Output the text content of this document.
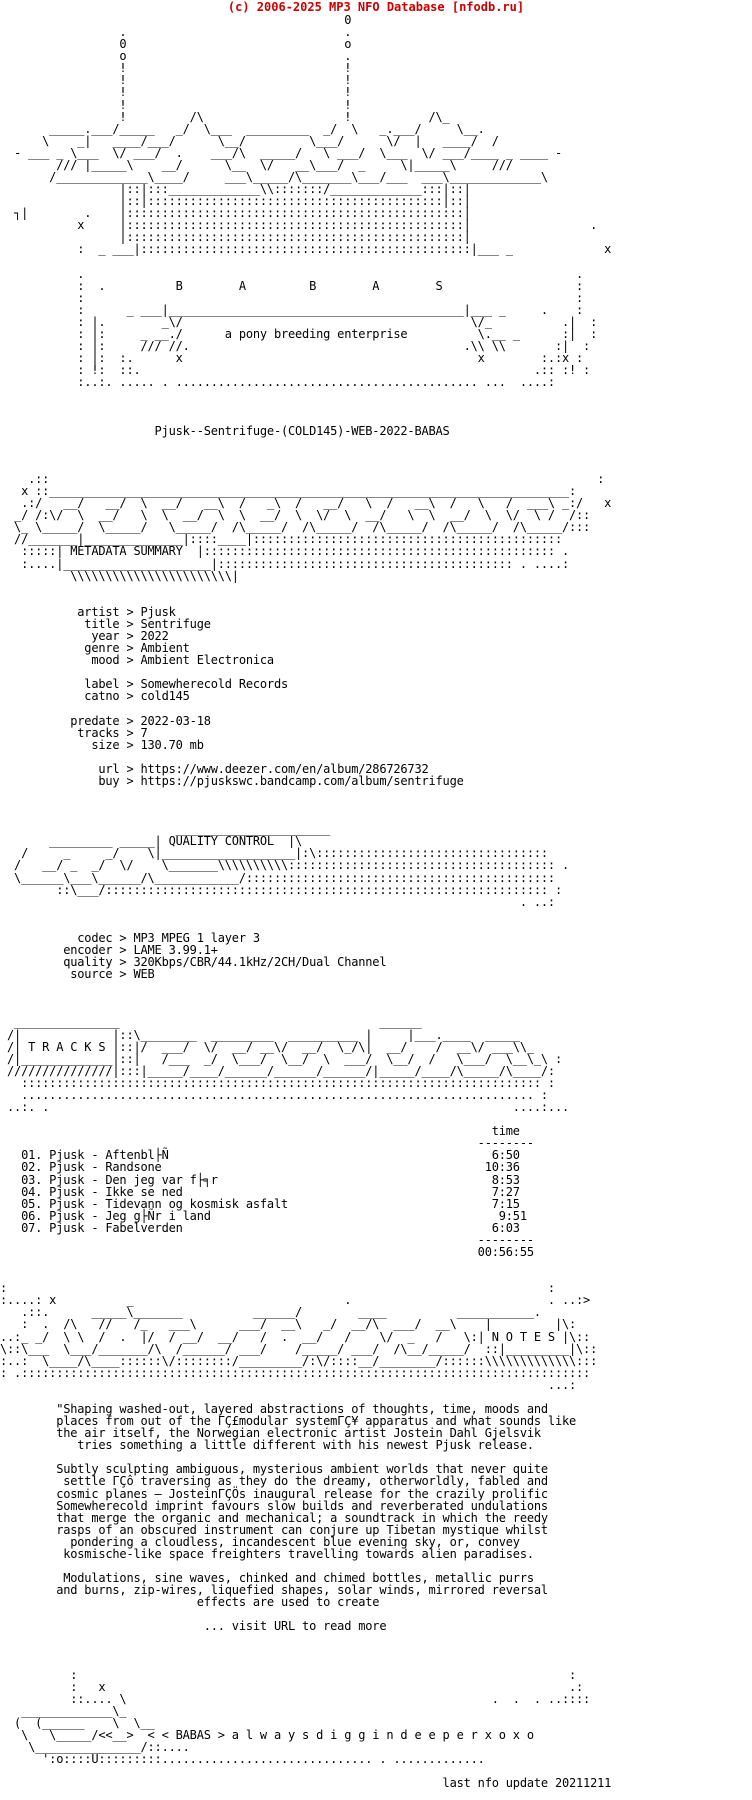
(c) 2006-2025 MP3 NFO Database [nfodb.ru]
0
.                               .
0                               o
o                               .
!                               !
!                               !
!                               !
!                               !
!         /\                    !           /\_
_____.___/_____   _/  \___  _________  _/  \   _.___/     \__.
\    _|   ____/___/      \__/         \___/      \/  |   ____/  /
- ___ _ \___  \/ ___/  .    ___/\  _____/   \ ___/  \___  \/ ___/____ _ ____ -
/// |_____\    __/      \__  \/   __\___/  _     \|_____\     ///
/_____________\____/     ___\_____/\_______\___/___  ___\_____________\
|::|:::_____________\\:::::::/_____________:::|::|
|::|::::::::::::::::::::::::::::::::::::::::::|::|
┐|        .    |::::::::::::::::::::::::::::::::::::::::::::::::|
x     |::::::::::::::::::::::::::::::::::::::::::::::::|                 .
|::::::::::::::::::::::::::::::::::::::::::::::::|
:  _ ___|:::::::::::::::::::::::::::::::::::::::::::::::|___ _             x

.                                                                      .
:  .          B        A         B        A        S                   :
:                                                                      :
:      _ ___|__________________________________________|___ _     .    :
: |.        _\/                                         \/_          .|  :
: |:     _ __./      a pony breeding enterprise          \.__ _      :|  :
: |:     /// //.                                       .\\ \\       :|  :
: |:  :.      x                                          x        :.:x :
: !:  ::.                                                        .:: :! :
:..:. ..... . ........................................... ...  ....:

Pjusk--Sentrifuge-(COLD145)-WEB-2022-BABAS

.::                                                                              :
x ::__________________________________________________________________________:
.:/   __/   __/  \  __/   __\  /   _\  /   __/   \  /   __\  /   \   /  ___\ _:/   x
_/ /:\/  \  __/   \  \  __/  \  \  __/  \  \/  \  __/   \  \  __/  \  \/  \ /  /::
\_ \_____/  \_____/   \_____/  /\_____/  /\_____/  /\_____/  /\_____/  /\_____/:::
//_______|______________|::::____|::::::::::::::::::::::::::::::::::::::::::::
:::::| METADATA SUMMARY  |:::::::::::::::::::::::::::::::::::::::::::::::::: .
:....|_____________________|:::::::::::::::::::::::::::::::::::::::::: . ....:
\\\\\\\\\\\\\\\\\\\\\\\|

artist > Pjusk
title > Sentrifuge
year > 2022
genre > Ambient
mood > Ambient Electronica

label > Somewherecold Records
catno > cold145

predate > 2022-03-18
tracks > 7
size > 130.70 mb

url > https://www.deezer.com/en/album/286726732
buy > https://pjuskswc.bandcamp.com/album/sentrifuge

______________________
_________ _____| QUALITY CONTROL  |\
/     _     _/    \|___________________|:\:::::::::::::::::::::::::::::::::
/   __/ _  _/  \/    \_______\\\\\\\\\\:::::::::::::::::::::::::::::::::::::: .
\______\___\______/\____________/::::::::::::::::::::::::::::::::::::::::::::
::\___/::::::::::::::::::::::::::::::::::::::::::::::::::::::::::::::: :
. ..:

codec > MP3 MPEG 1 layer 3
encoder > LAME 3.99.1+
quality > 320Kbps/CBR/44.1kHz/2CH/Dual Channel
source > WEB

_______________                                     ______
/|             |::\________  _________  __________ |     |___.____  _____
/| T R A C K S |::|/  ___/  \/  __/ __\/  __/  \_/\|  __/    /  __\/ ___\\_
/|_____________|::|   /___  _/  \___/  \__/  \  ___/  \__/  /   \___/  \__\_\ :
///////////////|:::|_____/____/______/______/______/|_____/____/\_____/\____/:
:::::::::::::::::::::::::::::::::::::::::::::::::::::::::::::::::::::::::: :
......................................................................... :
..:. .                                                                  ....:...

time
--------
01. Pjusk - Aftenbl├Ñ                                              6:50
02. Pjusk - Randsone                                              10:36
03. Pjusk - Den jeg var f├╕r                                       8:53
04. Pjusk - Ikke se ned                                            7:27
05. Pjusk - Tidevann og kosmisk asfalt                             7:15
06. Pjusk - Jeg g├Ñr i land                                         9:51
07. Pjusk - Fabelverden                                            6:03
--------
00:56:55

:                                                                             :
:....: x          _                              .                            . ..:>
.::.      _____\_______          ______/        ____          ___________.
:  .  /\   //   /_   ___\      ___/  __\   _/  __/\  ___/  __\    |         |\:
..:_ _/  \ \  /  .  |/  / __/  __/   /  .  __/   /    \/  _   /   \:| N O T E S |\::
\::\___  \___/_______/\  /______/ ___/    /_____/ ___/  /\__/_____/  ::|_________|\::
:..:  \____/\____::::::\/::::::::/_________/:\/::::__/________/::::::\\\\\\\\\\\\\:::
: .:::::::::::::::::::::::::::::::::::::::::::::::::::::::::::::::::::::::::::::::::
...:

"Shaping washed-out, layered abstractions of thoughts, time, moods and
places from out of the ΓÇ£modular systemΓÇ¥ apparatus and what sounds like
the air itself, the Norwegian electronic artist Jostein Dahl Gjelsvik
tries something a little different with his newest Pjusk release.

Subtly sculpting ambiguous, mysterious ambient worlds that never quite
settle ΓÇô traversing as they do the dreamy, otherworldly, fabled and
cosmic planes – JosteinΓÇÖs inaugural release for the crazily prolific
Somewherecold imprint favours slow builds and reverberated undulations
that merge the organic and mechanical; a soundtrack in which the reedy
rasps of an obscured instrument can conjure up Tibetan mystique whilst
pondering a cloudless, incandescent blue evening sky, or, convey
kosmische-like space freighters travelling towards alien paradises.

Modulations, sine waves, chinked and chimed bottles, metallic purrs
and burns, zip-wires, liquefied shapes, solar winds, mirrored reversal
effects are used to create

... visit URL to read more

:                                                                      :
:   x                                                                  .:
::.... \                                                    .  .  . ..::::
_____________\_
(  (______    \  \__
\   \_____/<<__>  < < BABAS > a l w a y s d i g g i n d e e p e r x o x o
\_______________/::....
':o::::U:::::::::.............................. . .............

last nfo update 20211211
